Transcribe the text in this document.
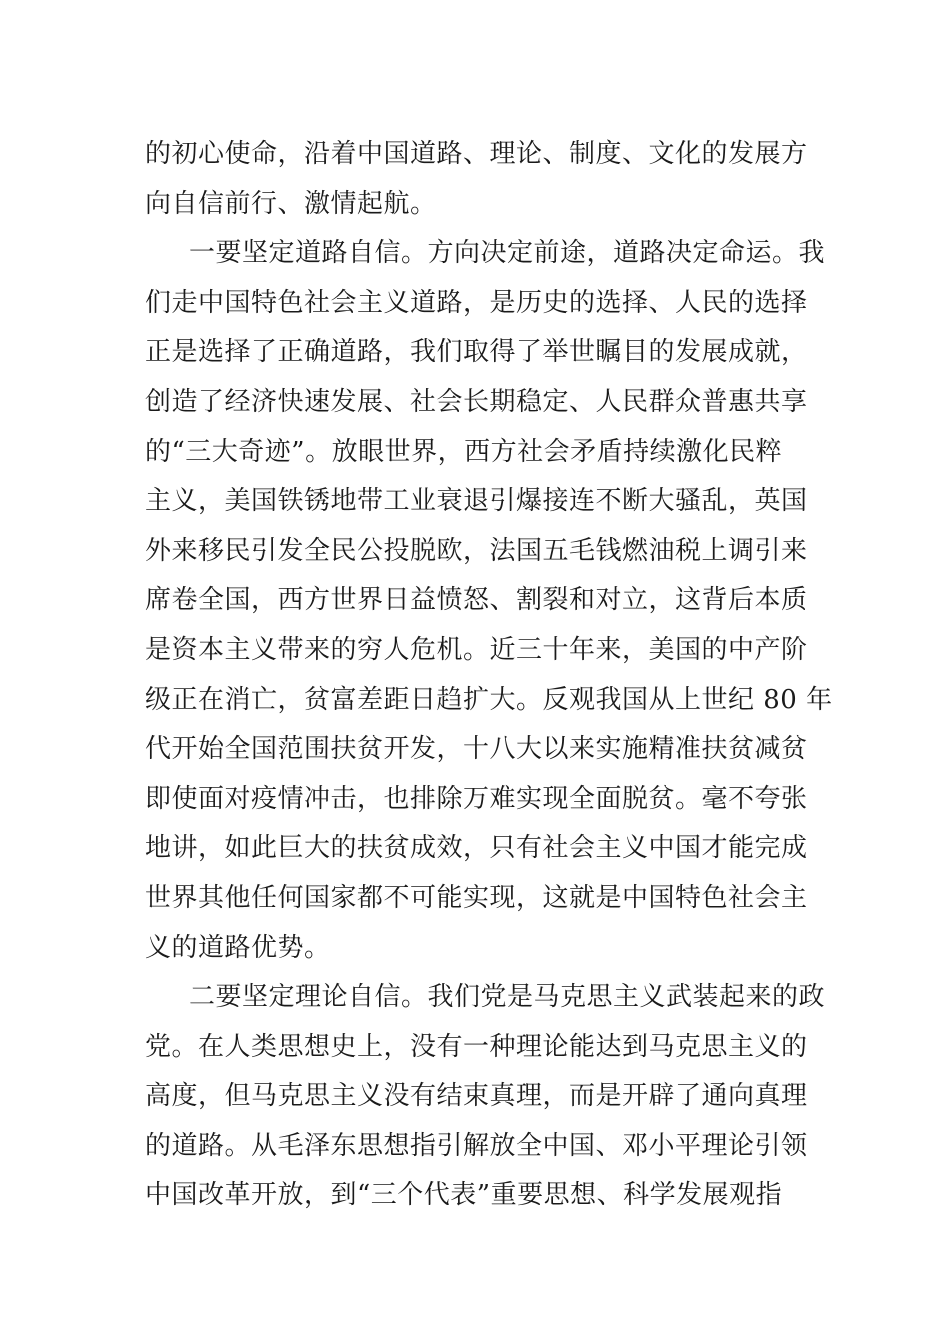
的初心使命，沿着中国道路、理论、制度、文化的发展方
向自信前行、激情起航。
一要坚定道路自信。方向决定前途，道路决定命运。我
们走中国特色社会主义道路，是历史的选择、人民的选择
正是选择了正确道路，我们取得了举世瞩目的发展成就，
创造了经济快速发展、社会长期稳定、人民群众普惠共享
的“三大奇迹”。放眼世界，西方社会矛盾持续激化民粹
主义，美国铁锈地带工业衰退引爆接连不断大骚乱，英国
外来移民引发全民公投脱欧，法国五毛钱燃油税上调引来
席卷全国，西方世界日益愤怒、割裂和对立，这背后本质
是资本主义带来的穷人危机。近三十年来，美国的中产阶
级正在消亡，贫富差距日趋扩大。反观我国从上世纪 80 年
代开始全国范围扶贫开发，十八大以来实施精准扶贫减贫
即使面对疫情冲击，也排除万难实现全面脱贫。毫不夸张
地讲，如此巨大的扶贫成效，只有社会主义中国才能完成
世界其他任何国家都不可能实现，这就是中国特色社会主
义的道路优势。
二要坚定理论自信。我们党是马克思主义武装起来的政
党。在人类思想史上，没有一种理论能达到马克思主义的
高度，但马克思主义没有结束真理，而是开辟了通向真理
的道路。从毛泽东思想指引解放全中国、邓小平理论引领
中国改革开放，到“三个代表”重要思想、科学发展观指
